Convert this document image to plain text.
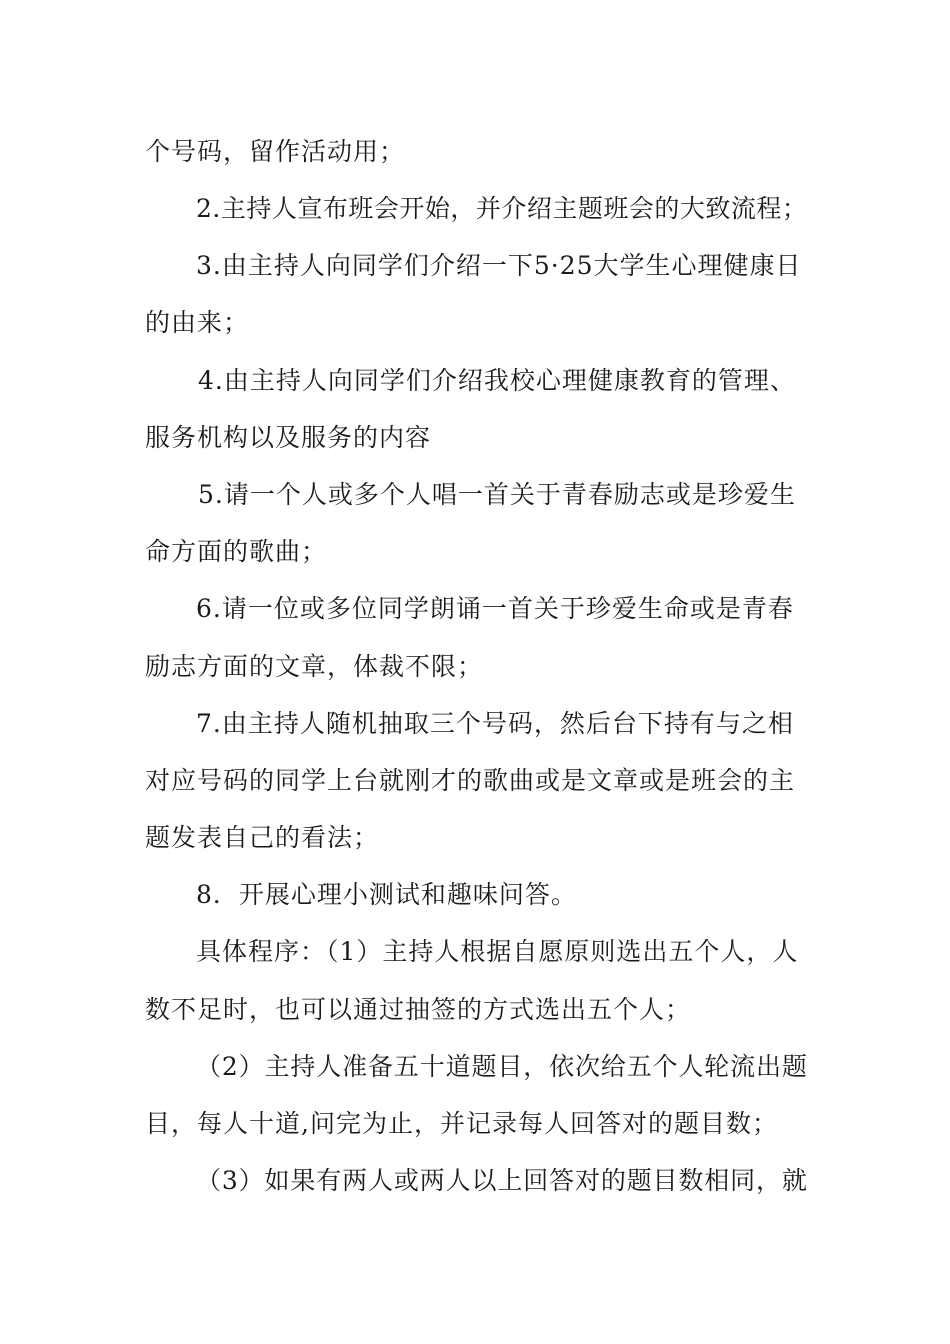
个号码，留作活动用；
2.主持人宣布班会开始，并介绍主题班会的大致流程；
3.由主持人向同学们介绍一下5·25大学生心理健康日
的由来；
4.由主持人向同学们介绍我校心理健康教育的管理、
服务机构以及服务的内容
5.请一个人或多个人唱一首关于青春励志或是珍爱生
命方面的歌曲；
6.请一位或多位同学朗诵一首关于珍爱生命或是青春
励志方面的文章，体裁不限；
7.由主持人随机抽取三个号码，然后台下持有与之相
对应号码的同学上台就刚才的歌曲或是文章或是班会的主
题发表自己的看法；
8．开展心理小测试和趣味问答。
具体程序：（1）主持人根据自愿原则选出五个人，人
数不足时，也可以通过抽签的方式选出五个人；
（2）主持人准备五十道题目，依次给五个人轮流出题
目，每人十道,问完为止，并记录每人回答对的题目数；
（3）如果有两人或两人以上回答对的题目数相同，就
